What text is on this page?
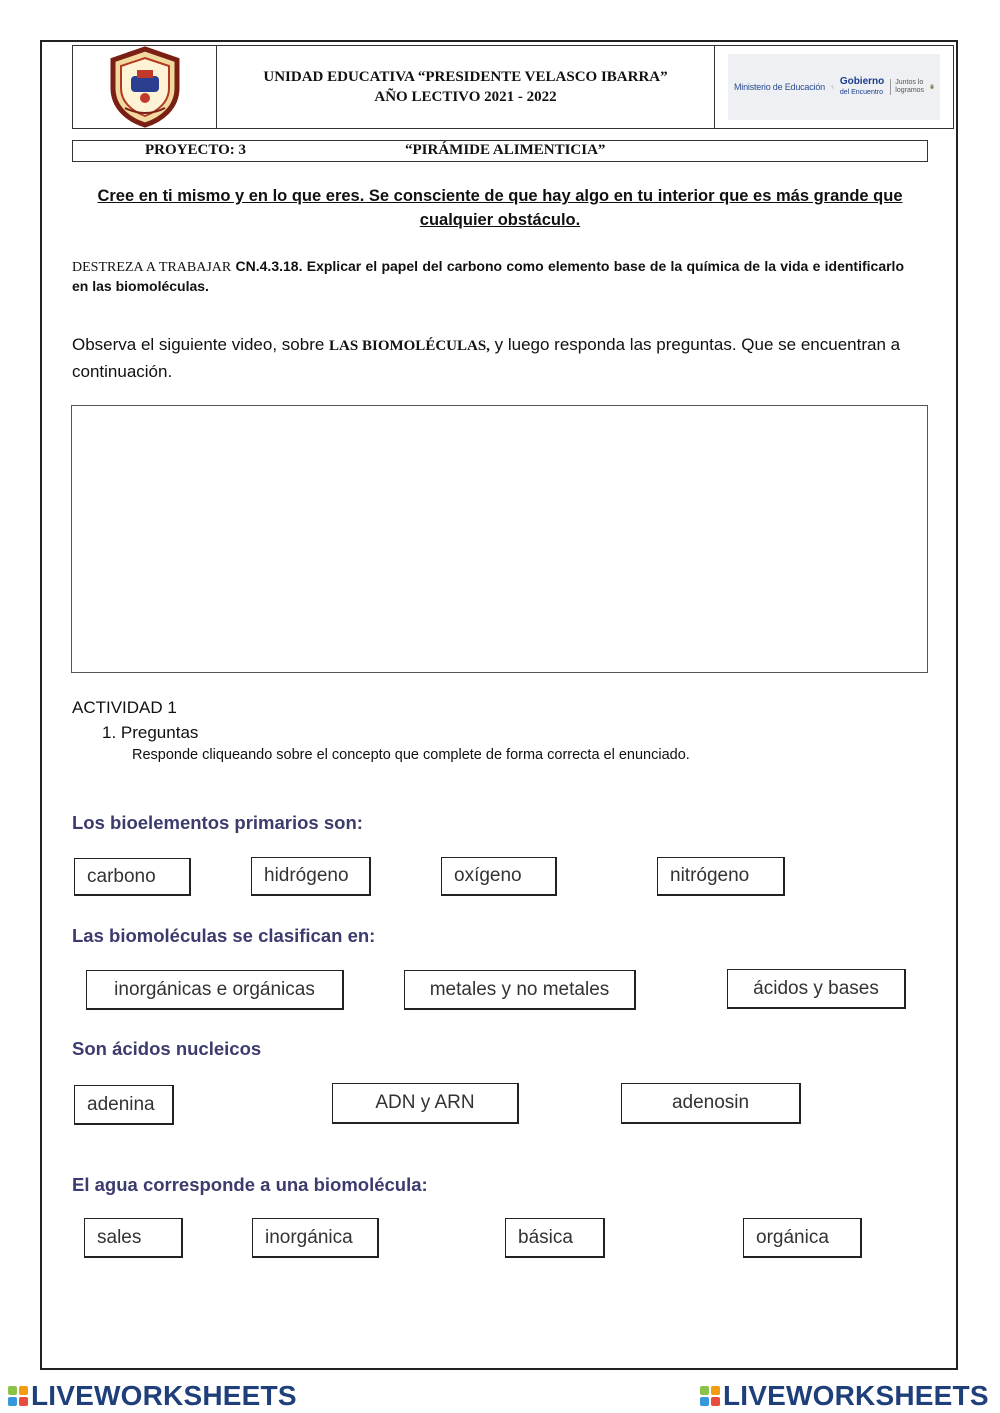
UNIDAD EDUCATIVA “PRESIDENTE VELASCO IBARRA”
AÑO LECTIVO 2021 - 2022
Ministerio de Educación Gobierno
del Encuentro
Juntos lo logramos
PROYECTO: 3	“PIRÁMIDE ALIMENTICIA”
Cree en ti mismo y en lo que eres. Se consciente de que hay algo en tu interior que es más grande que cualquier obstáculo.
DESTREZA A TRABAJAR CN.4.3.18. Explicar el papel del carbono como elemento base de la química de la vida e identificarlo en las biomoléculas.
Observa el siguiente video, sobre LAS BIOMOLÉCULAS, y luego responda las preguntas. Que se encuentran a continuación.
ACTIVIDAD 1
1. Preguntas
Responde cliqueando sobre el concepto que complete de forma correcta el enunciado.
Los bioelementos primarios son:
carbono	hidrógeno	oxígeno	nitrógeno
Las biomoléculas se clasifican en:
inorgánicas e orgánicas	metales y no metales	ácidos y bases
Son ácidos nucleicos
adenina	ADN y ARN	adenosin
El agua corresponde a una biomolécula:
sales	inorgánica	básica	orgánica
LIVEWORKSHEETS	LIVEWORKSHEETS
